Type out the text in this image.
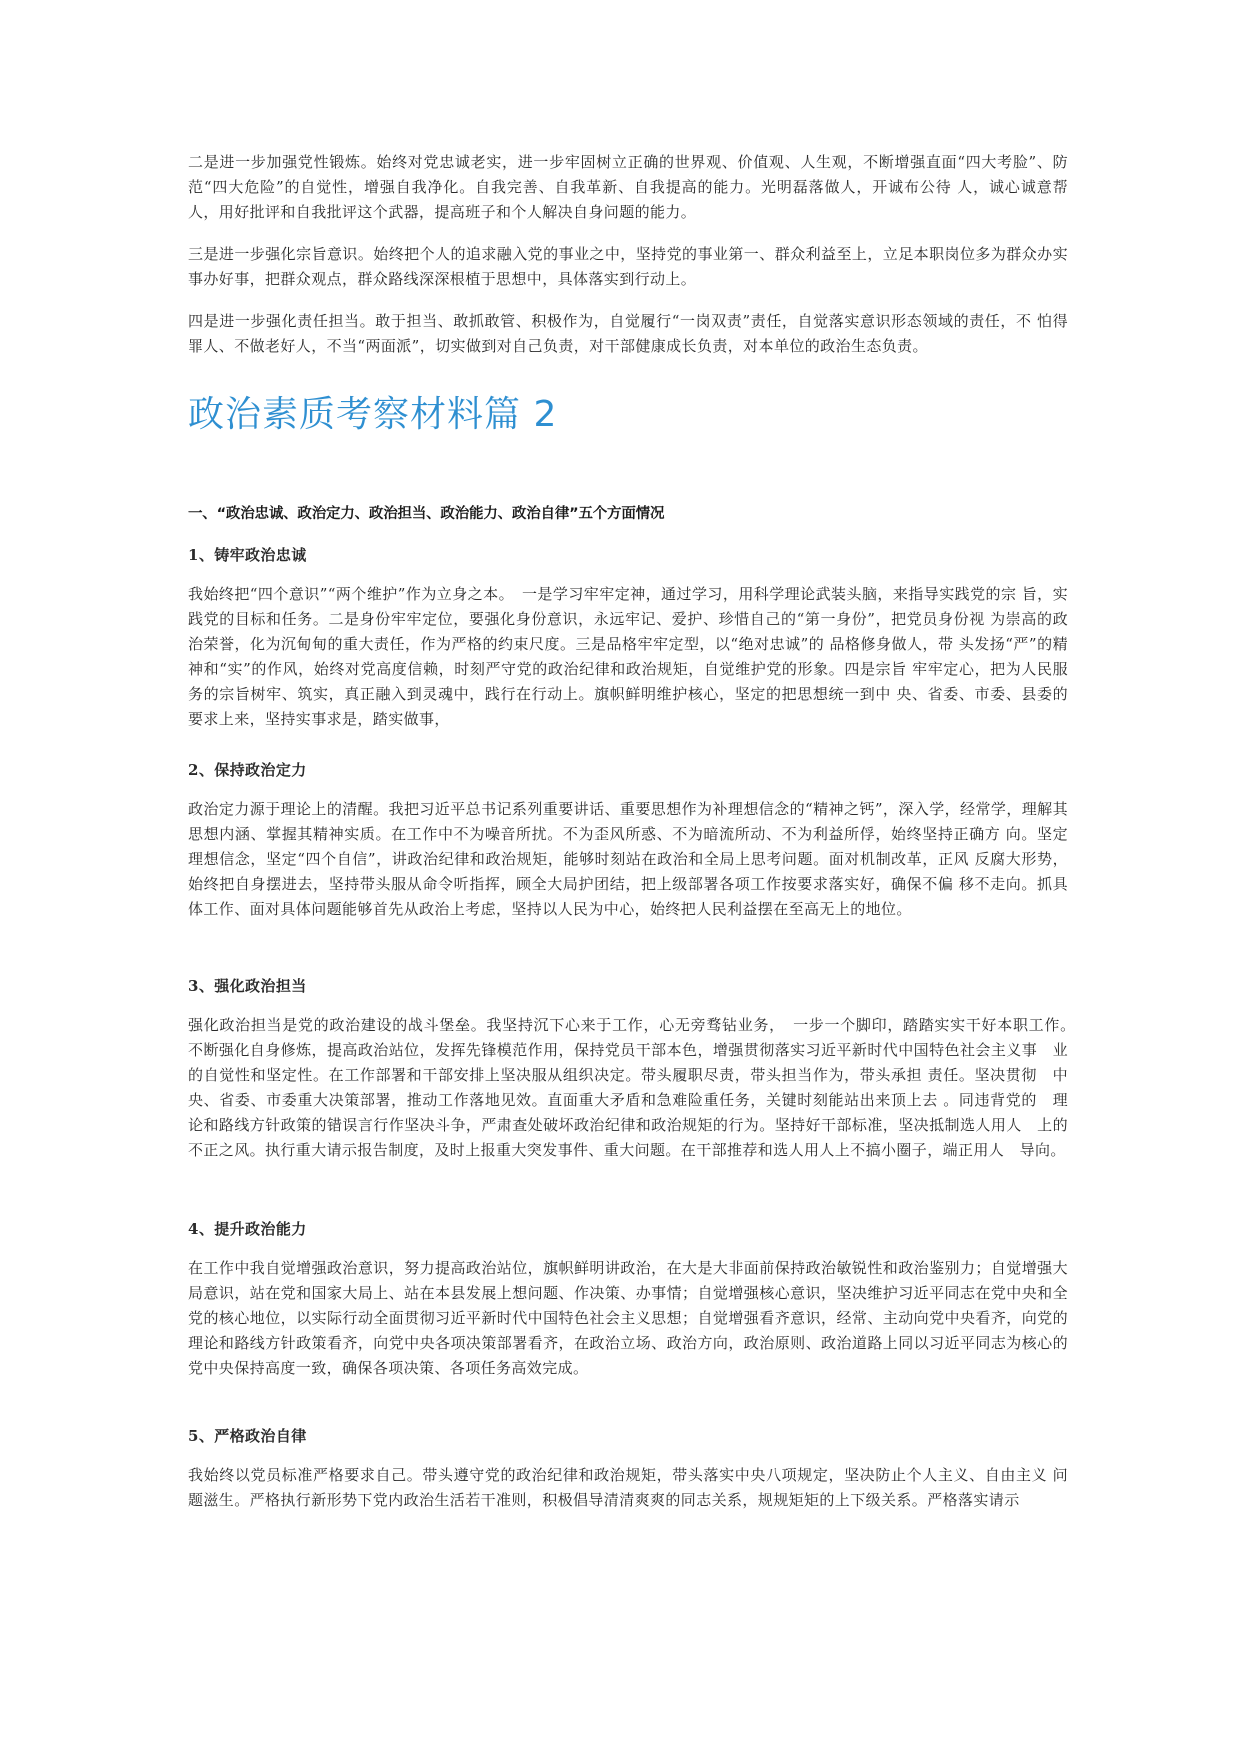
二是进一步加强党性锻炼。始终对党忠诚老实，进一步牢固树立正确的世界观、价值观、人生观，不断增强直面“四大考脸”、防范“四大危险”的自觉性，增强自我净化。自我完善、自我革新、自我提高的能力。光明磊落做人，开诚布公待 人，诚心诚意帮人，用好批评和自我批评这个武器，提高班子和个人解决自身问题的能力。

三是进一步强化宗旨意识。始终把个人的追求融入党的事业之中，坚持党的事业第一、群众利益至上，立足本职岗位多为群众办实事办好事，把群众观点，群众路线深深根植于思想中，具体落实到行动上。

四是进一步强化责任担当。敢于担当、敢抓敢管、积极作为，自觉履行“一岗双责”责任，自觉落实意识形态领域的责任，不 怕得罪人、不做老好人，不当“两面派”，切实做到对自己负责，对干部健康成长负责，对本单位的政治生态负责。

政治素质考察材料篇 2
一、“政治忠诚、政治定力、政治担当、政治能力、政治自律”五个方面情况
1、铸牢政治忠诚

我始终把“四个意识”“两个维护”作为立身之本。　一是学习牢牢定神，通过学习，用科学理论武装头脑，来指导实践党的宗 旨，实践党的目标和任务。二是身份牢牢定位，要强化身份意识，永远牢记、爱护、珍惜自己的“第一身份”，把党员身份视 为崇高的政治荣誉，化为沉甸甸的重大责任，作为严格的约束尺度。三是品格牢牢定型，以“绝对忠诚”的 品格修身做人，带 头发扬“严”的精神和“实”的作风，始终对党高度信赖，时刻严守党的政治纪律和政治规矩，自觉维护党的形象。四是宗旨 牢牢定心，把为人民服务的宗旨树牢、筑实，真正融入到灵魂中，践行在行动上。旗帜鲜明维护核心，坚定的把思想统一到中 央、省委、市委、县委的要求上来，坚持实事求是，踏实做事，

2、保持政治定力

政治定力源于理论上的清醒。我把习近平总书记系列重要讲话、重要思想作为补理想信念的“精神之钙”，深入学，经常学，理解其思想内涵、掌握其精神实质。在工作中不为噪音所扰。不为歪风所惑、不为暗流所动、不为利益所俘，始终坚持正确方 向。坚定理想信念，坚定“四个自信”，讲政治纪律和政治规矩，能够时刻站在政治和全局上思考问题。面对机制改革，正风 反腐大形势，始终把自身摆进去，坚持带头服从命令听指挥，顾全大局护团结，把上级部署各项工作按要求落实好，确保不偏 移不走向。抓具体工作、面对具体问题能够首先从政治上考虑，坚持以人民为中心，始终把人民利益摆在至高无上的地位。

3、强化政治担当

强化政治担当是党的政治建设的战斗堡垒。我坚持沉下心来于工作，心无旁骛钻业务，　一步一个脚印，踏踏实实干好本职工作。　不断强化自身修炼，提高政治站位，发挥先锋模范作用，保持党员干部本色，增强贯彻落实习近平新时代中国特色社会主义事　业的自觉性和坚定性。在工作部署和干部安排上坚决服从组织决定。带头履职尽责，带头担当作为，带头承担 责任。坚决贯彻　中央、省委、市委重大决策部署，推动工作落地见效。直面重大矛盾和急难险重任务，关键时刻能站出来顶上去 。同违背党的　理论和路线方针政策的错误言行作坚决斗争，严肃查处破坏政治纪律和政治规矩的行为。坚持好干部标准，坚决抵制选人用人　上的不正之风。执行重大请示报告制度，及时上报重大突发事件、重大问题。在干部推荐和选人用人上不搞小圈子，端正用人　导向。

4、提升政治能力

在工作中我自觉增强政治意识，努力提高政治站位，旗帜鲜明讲政治，在大是大非面前保持政治敏锐性和政治鉴别力；自觉增强大局意识，站在党和国家大局上、站在本县发展上想问题、作决策、办事情；自觉增强核心意识，坚决维护习近平同志在党中央和全党的核心地位，以实际行动全面贯彻习近平新时代中国特色社会主义思想；自觉增强看齐意识，经常、主动向党中央看齐，向党的理论和路线方针政策看齐，向党中央各项决策部署看齐，在政治立场、政治方向，政治原则、政治道路上同以习近平同志为核心的党中央保持高度一致，确保各项决策、各项任务高效完成。

5、严格政治自律

我始终以党员标准严格要求自己。带头遵守党的政治纪律和政治规矩，带头落实中央八项规定，坚决防止个人主义、自由主义 问题滋生。严格执行新形势下党内政治生活若干准则，积极倡导清清爽爽的同志关系，规规矩矩的上下级关系。严格落实请示
